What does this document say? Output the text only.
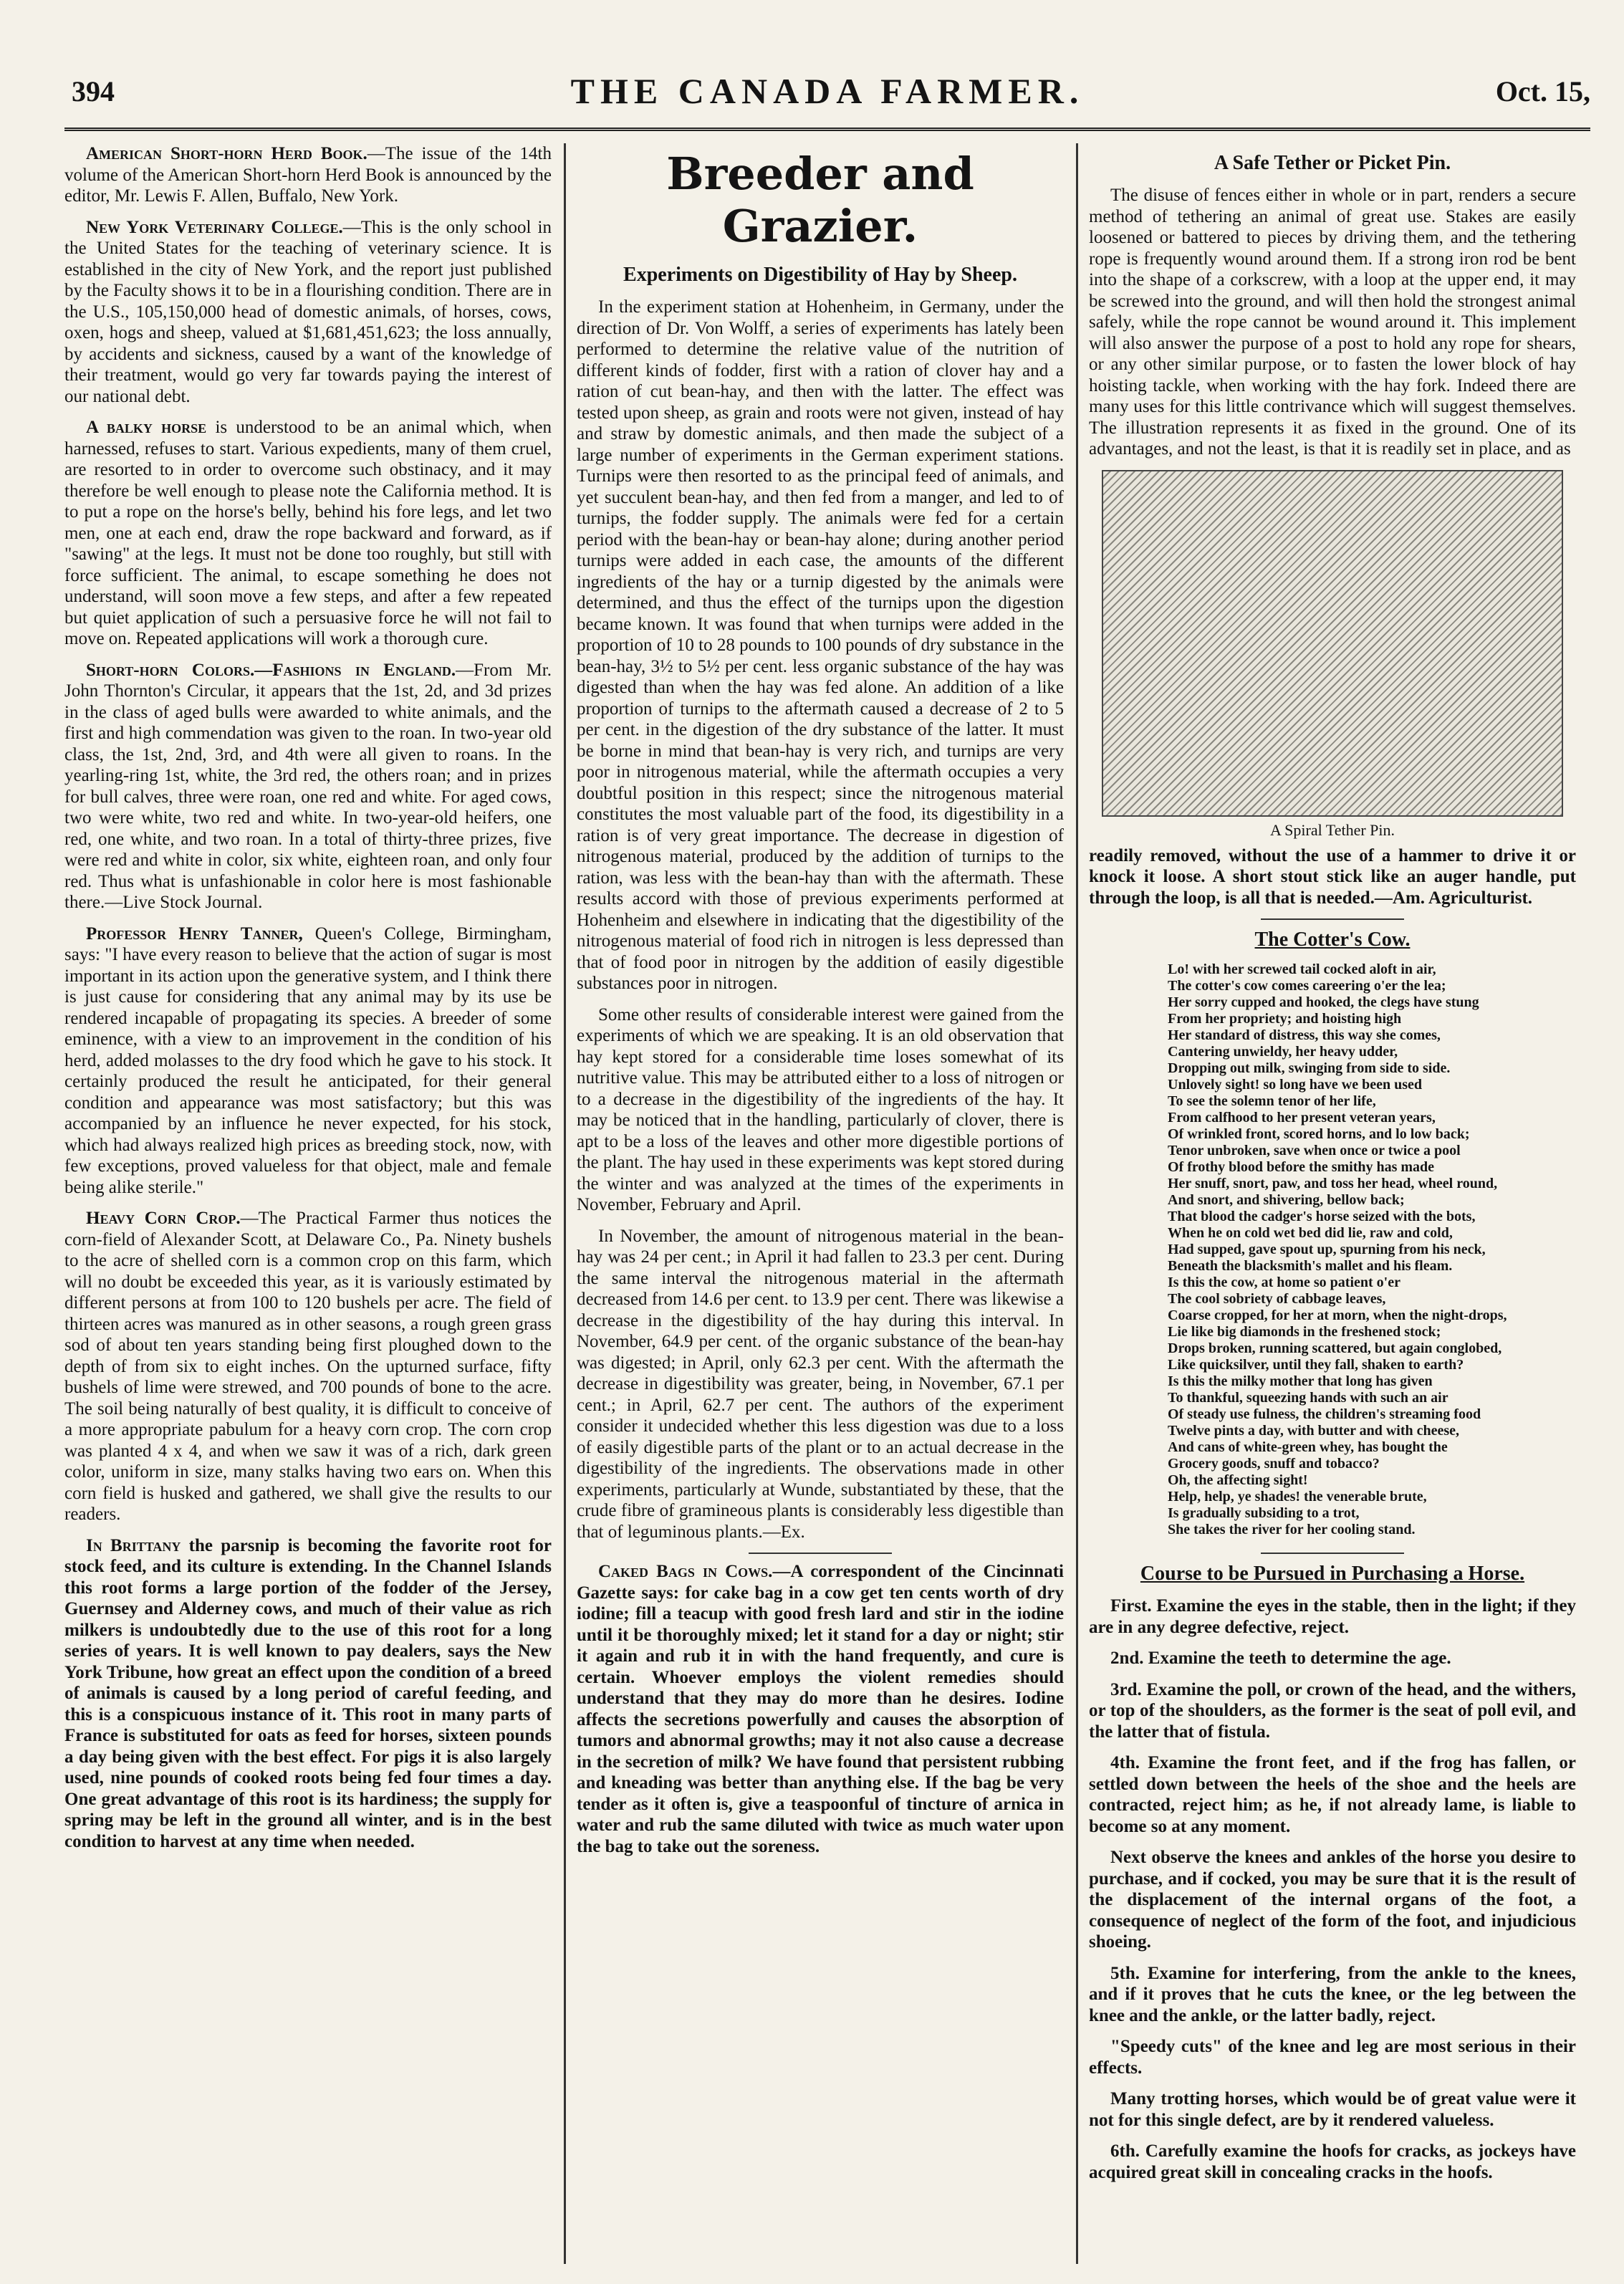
394	THE CANADA FARMER.	Oct. 15,

American Short-horn Herd Book.—The issue of the 14th volume of the American Short-horn Herd Book is announced by the editor, Mr. Lewis F. Allen, Buffalo, New York.

New York Veterinary College.—This is the only school in the United States for the teaching of veterinary science. It is established in the city of New York, and the report just published by the Faculty shows it to be in a flourishing condition. There are in the U.S., 105,150,000 head of domestic animals, of horses, cows, oxen, hogs and sheep, valued at $1,681,451,623; the loss annually, by accidents and sickness, caused by a want of the knowledge of their treatment, would go very far towards paying the interest of our national debt.

A balky horse is understood to be an animal which, when harnessed, refuses to start. Various expedients, many of them cruel, are resorted to in order to overcome such obstinacy, and it may therefore be well enough to please note the California method. It is to put a rope on the horse's belly, behind his fore legs, and let two men, one at each end, draw the rope backward and forward, as if "sawing" at the legs. It must not be done too roughly, but still with force sufficient. The animal, to escape something he does not understand, will soon move a few steps, and after a few repeated but quiet application of such a persuasive force he will not fail to move on. Repeated applications will work a thorough cure.

Short-horn Colors.—Fashions in England.—From Mr. John Thornton's Circular, it appears that the 1st, 2d, and 3d prizes in the class of aged bulls were awarded to white animals, and the first and high commendation was given to the roan. In two-year old class, the 1st, 2nd, 3rd, and 4th were all given to roans. In the yearling-ring 1st, white, the 3rd red, the others roan; and in prizes for bull calves, three were roan, one red and white. For aged cows, two were white, two red and white. In two-year-old heifers, one red, one white, and two roan. In a total of thirty-three prizes, five were red and white in color, six white, eighteen roan, and only four red. Thus what is unfashionable in color here is most fashionable there.—Live Stock Journal.

Professor Henry Tanner, Queen's College, Birmingham, says: "I have every reason to believe that the action of sugar is most important in its action upon the generative system, and I think there is just cause for considering that any animal may by its use be rendered incapable of propagating its species. A breeder of some eminence, with a view to an improvement in the condition of his herd, added molasses to the dry food which he gave to his stock. It certainly produced the result he anticipated, for their general condition and appearance was most satisfactory; but this was accompanied by an influence he never expected, for his stock, which had always realized high prices as breeding stock, now, with few exceptions, proved valueless for that object, male and female being alike sterile."

Heavy Corn Crop.—The Practical Farmer thus notices the corn-field of Alexander Scott, at Delaware Co., Pa. Ninety bushels to the acre of shelled corn is a common crop on this farm, which will no doubt be exceeded this year, as it is variously estimated by different persons at from 100 to 120 bushels per acre. The field of thirteen acres was manured as in other seasons, a rough green grass sod of about ten years standing being first ploughed down to the depth of from six to eight inches. On the upturned surface, fifty bushels of lime were strewed, and 700 pounds of bone to the acre. The soil being naturally of best quality, it is difficult to conceive of a more appropriate pabulum for a heavy corn crop. The corn crop was planted 4 x 4, and when we saw it was of a rich, dark green color, uniform in size, many stalks having two ears on. When this corn field is husked and gathered, we shall give the results to our readers.

In Brittany the parsnip is becoming the favorite root for stock feed, and its culture is extending. In the Channel Islands this root forms a large portion of the fodder of the Jersey, Guernsey and Alderney cows, and much of their value as rich milkers is undoubtedly due to the use of this root for a long series of years. It is well known to pay dealers, says the New York Tribune, how great an effect upon the condition of a breed of animals is caused by a long period of careful feeding, and this is a conspicuous instance of it. This root in many parts of France is substituted for oats as feed for horses, sixteen pounds a day being given with the best effect. For pigs it is also largely used, nine pounds of cooked roots being fed four times a day. One great advantage of this root is its hardiness; the supply for spring may be left in the ground all winter, and is in the best condition to harvest at any time when needed.

Breeder and Grazier.
Experiments on Digestibility of Hay by Sheep.

In the experiment station at Hohenheim, in Germany, under the direction of Dr. Von Wolff, a series of experiments has lately been performed to determine the relative value of the nutrition of different kinds of fodder, first with a ration of clover hay and a ration of cut bean-hay, and then with the latter. The effect was tested upon sheep, as grain and roots were not given, instead of hay and straw by domestic animals, and then made the subject of a large number of experiments in the German experiment stations. Turnips were then resorted to as the principal feed of animals, and yet succulent bean-hay, and then fed from a manger, and led to of turnips, the fodder supply. The animals were fed for a certain period with the bean-hay or bean-hay alone; during another period turnips were added in each case, the amounts of the different ingredients of the hay or a turnip digested by the animals were determined, and thus the effect of the turnips upon the digestion became known. It was found that when turnips were added in the proportion of 10 to 28 pounds to 100 pounds of dry substance in the bean-hay, 3½ to 5½ per cent. less organic substance of the hay was digested than when the hay was fed alone. An addition of a like proportion of turnips to the aftermath caused a decrease of 2 to 5 per cent. in the digestion of the dry substance of the latter. It must be borne in mind that bean-hay is very rich, and turnips are very poor in nitrogenous material, while the aftermath occupies a very doubtful position in this respect; since the nitrogenous material constitutes the most valuable part of the food, its digestibility in a ration is of very great importance. The decrease in digestion of nitrogenous material, produced by the addition of turnips to the ration, was less with the bean-hay than with the aftermath. These results accord with those of previous experiments performed at Hohenheim and elsewhere in indicating that the digestibility of the nitrogenous material of food rich in nitrogen is less depressed than that of food poor in nitrogen by the addition of easily digestible substances poor in nitrogen.

Some other results of considerable interest were gained from the experiments of which we are speaking. It is an old observation that hay kept stored for a considerable time loses somewhat of its nutritive value. This may be attributed either to a loss of nitrogen or to a decrease in the digestibility of the ingredients of the hay. It may be noticed that in the handling, particularly of clover, there is apt to be a loss of the leaves and other more digestible portions of the plant. The hay used in these experiments was kept stored during the winter and was analyzed at the times of the experiments in November, February and April.

In November, the amount of nitrogenous material in the bean-hay was 24 per cent.; in April it had fallen to 23.3 per cent. During the same interval the nitrogenous material in the aftermath decreased from 14.6 per cent. to 13.9 per cent. There was likewise a decrease in the digestibility of the hay during this interval. In November, 64.9 per cent. of the organic substance of the bean-hay was digested; in April, only 62.3 per cent. With the aftermath the decrease in digestibility was greater, being, in November, 67.1 per cent.; in April, 62.7 per cent. The authors of the experiment consider it undecided whether this less digestion was due to a loss of easily digestible parts of the plant or to an actual decrease in the digestibility of the ingredients. The observations made in other experiments, particularly at Wunde, substantiated by these, that the crude fibre of gramineous plants is considerably less digestible than that of leguminous plants.—Ex.

Caked Bags in Cows.—A correspondent of the Cincinnati Gazette says: for cake bag in a cow get ten cents worth of dry iodine; fill a teacup with good fresh lard and stir in the iodine until it be thoroughly mixed; let it stand for a day or night; stir it again and rub it in with the hand frequently, and cure is certain. Whoever employs the violent remedies should understand that they may do more than he desires. Iodine affects the secretions powerfully and causes the absorption of tumors and abnormal growths; may it not also cause a decrease in the secretion of milk? We have found that persistent rubbing and kneading was better than anything else. If the bag be very tender as it often is, give a teaspoonful of tincture of arnica in water and rub the same diluted with twice as much water upon the bag to take out the soreness.

A Safe Tether or Picket Pin.

The disuse of fences either in whole or in part, renders a secure method of tethering an animal of great use. Stakes are easily loosened or battered to pieces by driving them, and the tethering rope is frequently wound around them. If a strong iron rod be bent into the shape of a corkscrew, with a loop at the upper end, it may be screwed into the ground, and will then hold the strongest animal safely, while the rope cannot be wound around it. This implement will also answer the purpose of a post to hold any rope for shears, or any other similar purpose, or to fasten the lower block of hay hoisting tackle, when working with the hay fork. Indeed there are many uses for this little contrivance which will suggest themselves. The illustration represents it as fixed in the ground. One of its advantages, and not the least, is that it is readily set in place, and as

A Spiral Tether Pin.

readily removed, without the use of a hammer to drive it or knock it loose. A short stout stick like an auger handle, put through the loop, is all that is needed.—Am. Agriculturist.

The Cotter's Cow.
Lo! with her screwed tail cocked aloft in air,
The cotter's cow comes careering o'er the lea;
Her sorry cupped and hooked, the clegs have stung
From her propriety; and hoisting high
Her standard of distress, this way she comes,
Cantering unwieldy, her heavy udder,
Dropping out milk, swinging from side to side.
Unlovely sight! so long have we been used
To see the solemn tenor of her life,
From calfhood to her present veteran years,
Of wrinkled front, scored horns, and lo low back;
Tenor unbroken, save when once or twice a pool
Of frothy blood before the smithy has made
Her snuff, snort, paw, and toss her head, wheel round,
And snort, and shivering, bellow back;
That blood the cadger's horse seized with the bots,
When he on cold wet bed did lie, raw and cold,
Had supped, gave spout up, spurning from his neck,
Beneath the blacksmith's mallet and his fleam.
Is this the cow, at home so patient o'er
The cool sobriety of cabbage leaves,
Coarse cropped, for her at morn, when the night-drops,
Lie like big diamonds in the freshened stock;
Drops broken, running scattered, but again conglobed,
Like quicksilver, until they fall, shaken to earth?
Is this the milky mother that long has given
To thankful, squeezing hands with such an air
Of steady use fulness, the children's streaming food
Twelve pints a day, with butter and with cheese,
And cans of white-green whey, has bought the
Grocery goods, snuff and tobacco?
Oh, the affecting sight!
Help, help, ye shades! the venerable brute,
Is gradually subsiding to a trot,
She takes the river for her cooling stand.
Course to be Pursued in Purchasing a Horse.

First. Examine the eyes in the stable, then in the light; if they are in any degree defective, reject.

2nd. Examine the teeth to determine the age.

3rd. Examine the poll, or crown of the head, and the withers, or top of the shoulders, as the former is the seat of poll evil, and the latter that of fistula.

4th. Examine the front feet, and if the frog has fallen, or settled down between the heels of the shoe and the heels are contracted, reject him; as he, if not already lame, is liable to become so at any moment.

Next observe the knees and ankles of the horse you desire to purchase, and if cocked, you may be sure that it is the result of the displacement of the internal organs of the foot, a consequence of neglect of the form of the foot, and injudicious shoeing.

5th. Examine for interfering, from the ankle to the knees, and if it proves that he cuts the knee, or the leg between the knee and the ankle, or the latter badly, reject.

"Speedy cuts" of the knee and leg are most serious in their effects.

Many trotting horses, which would be of great value were it not for this single defect, are by it rendered valueless.

6th. Carefully examine the hoofs for cracks, as jockeys have acquired great skill in concealing cracks in the hoofs.
